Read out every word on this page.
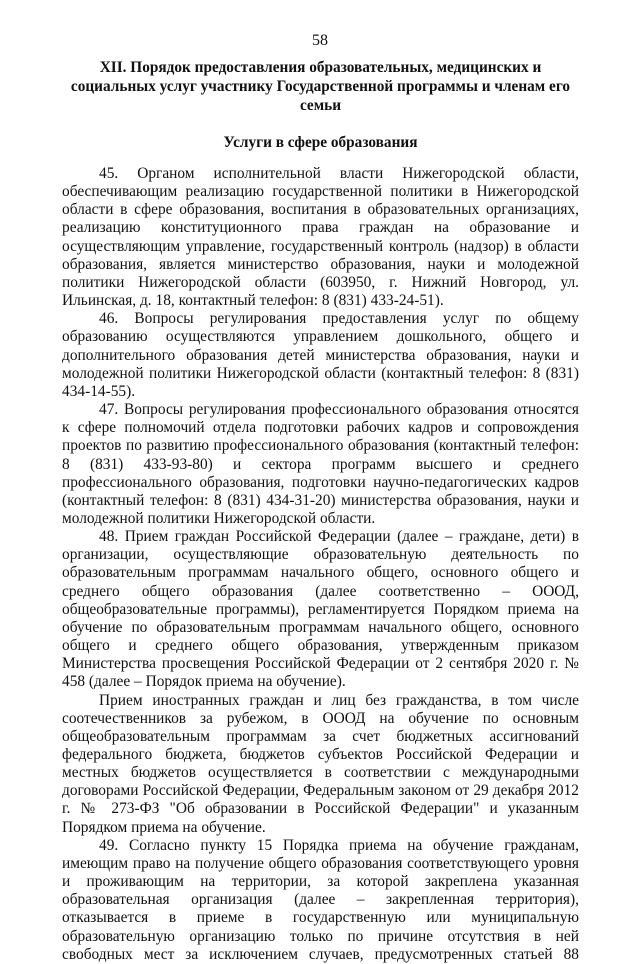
58
XII. Порядок предоставления образовательных, медицинских и социальных услуг участнику Государственной программы и членам его семьи
Услуги в сфере образования

45. Органом исполнительной власти Нижегородской области, обеспечивающим реализацию государственной политики в Нижегородской области в сфере образования, воспитания в образовательных организациях, реализацию конституционного права граждан на образование и осуществляющим управление, государственный контроль (надзор) в области образования, является министерство образования, науки и молодежной политики Нижегородской области (603950, г. Нижний Новгород, ул. Ильинская, д. 18, контактный телефон: 8 (831) 433-24-51).

46. Вопросы регулирования предоставления услуг по общему образованию осуществляются управлением дошкольного, общего и дополнительного образования детей министерства образования, науки и молодежной политики Нижегородской области (контактный телефон: 8 (831) 434-14-55).

47. Вопросы регулирования профессионального образования относятся к сфере полномочий отдела подготовки рабочих кадров и сопровождения проектов по развитию профессионального образования (контактный телефон: 8 (831) 433-93-80) и сектора программ высшего и среднего профессионального образования, подготовки научно-педагогических кадров (контактный телефон: 8 (831) 434-31-20) министерства образования, науки и молодежной политики Нижегородской области.

48. Прием граждан Российской Федерации (далее – граждане, дети) в организации, осуществляющие образовательную деятельность по образовательным программам начального общего, основного общего и среднего общего образования (далее соответственно – ОООД, общеобразовательные программы), регламентируется Порядком приема на обучение по образовательным программам начального общего, основного общего и среднего общего образования, утвержденным приказом Министерства просвещения Российской Федерации от 2 сентября 2020 г. № 458 (далее – Порядок приема на обучение).

Прием иностранных граждан и лиц без гражданства, в том числе соотечественников за рубежом, в ОООД на обучение по основным общеобразовательным программам за счет бюджетных ассигнований федерального бюджета, бюджетов субъектов Российской Федерации и местных бюджетов осуществляется в соответствии с международными договорами Российской Федерации, Федеральным законом от 29 декабря 2012 г. № 273-ФЗ "Об образовании в Российской Федерации" и указанным Порядком приема на обучение.

49. Согласно пункту 15 Порядка приема на обучение гражданам, имеющим право на получение общего образования соответствующего уровня и проживающим на территории, за которой закреплена указанная образовательная организация (далее – закрепленная территория), отказывается в приеме в государственную или муниципальную образовательную организацию только по причине отсутствия в ней свободных мест за исключением случаев, предусмотренных статьей 88
